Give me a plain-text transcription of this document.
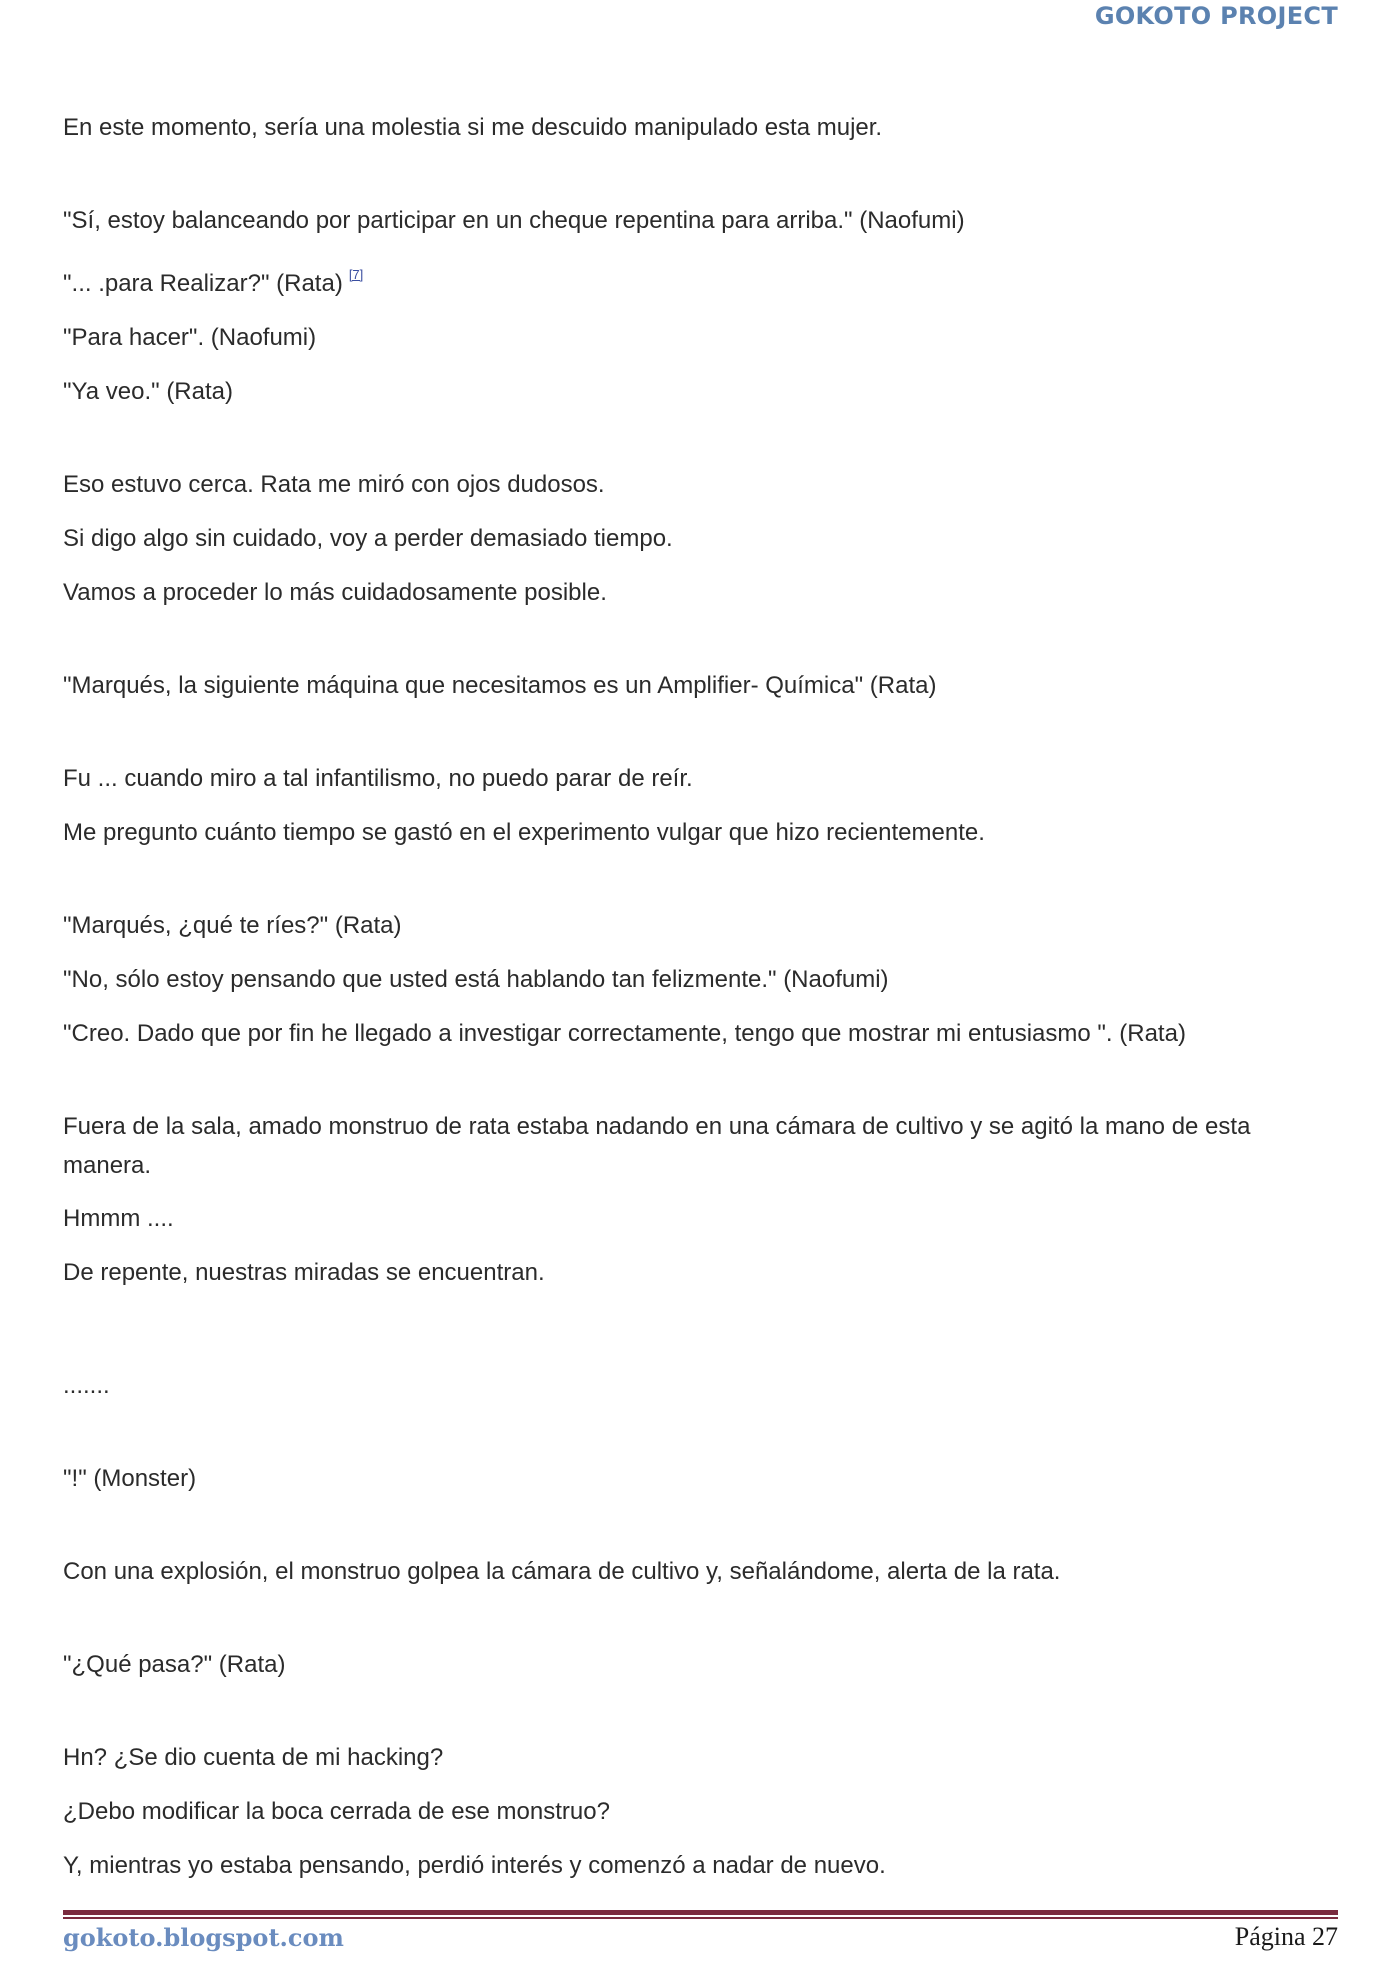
GOKOTO PROJECT

En este momento, sería una molestia si me descuido manipulado esta mujer.

"Sí, estoy balanceando por participar en un cheque repentina para arriba." (Naofumi)

"... .para Realizar?" (Rata) [7]

"Para hacer". (Naofumi)

"Ya veo." (Rata)

Eso estuvo cerca. Rata me miró con ojos dudosos.

Si digo algo sin cuidado, voy a perder demasiado tiempo.

Vamos a proceder lo más cuidadosamente posible.

"Marqués, la siguiente máquina que necesitamos es un Amplifier- Química" (Rata)

Fu ... cuando miro a tal infantilismo, no puedo parar de reír.

Me pregunto cuánto tiempo se gastó en el experimento vulgar que hizo recientemente.

"Marqués, ¿qué te ríes?" (Rata)

"No, sólo estoy pensando que usted está hablando tan felizmente." (Naofumi)

"Creo. Dado que por fin he llegado a investigar correctamente, tengo que mostrar mi entusiasmo ". (Rata)

Fuera de la sala, amado monstruo de rata estaba nadando en una cámara de cultivo y se agitó la mano de esta manera.

Hmmm ....

De repente, nuestras miradas se encuentran.

.......

"!" (Monster)

Con una explosión, el monstruo golpea la cámara de cultivo y, señalándome, alerta de la rata.

"¿Qué pasa?" (Rata)

Hn? ¿Se dio cuenta de mi hacking?

¿Debo modificar la boca cerrada de ese monstruo?

Y, mientras yo estaba pensando, perdió interés y comenzó a nadar de nuevo.

gokoto.blogspot.com	Página 27
